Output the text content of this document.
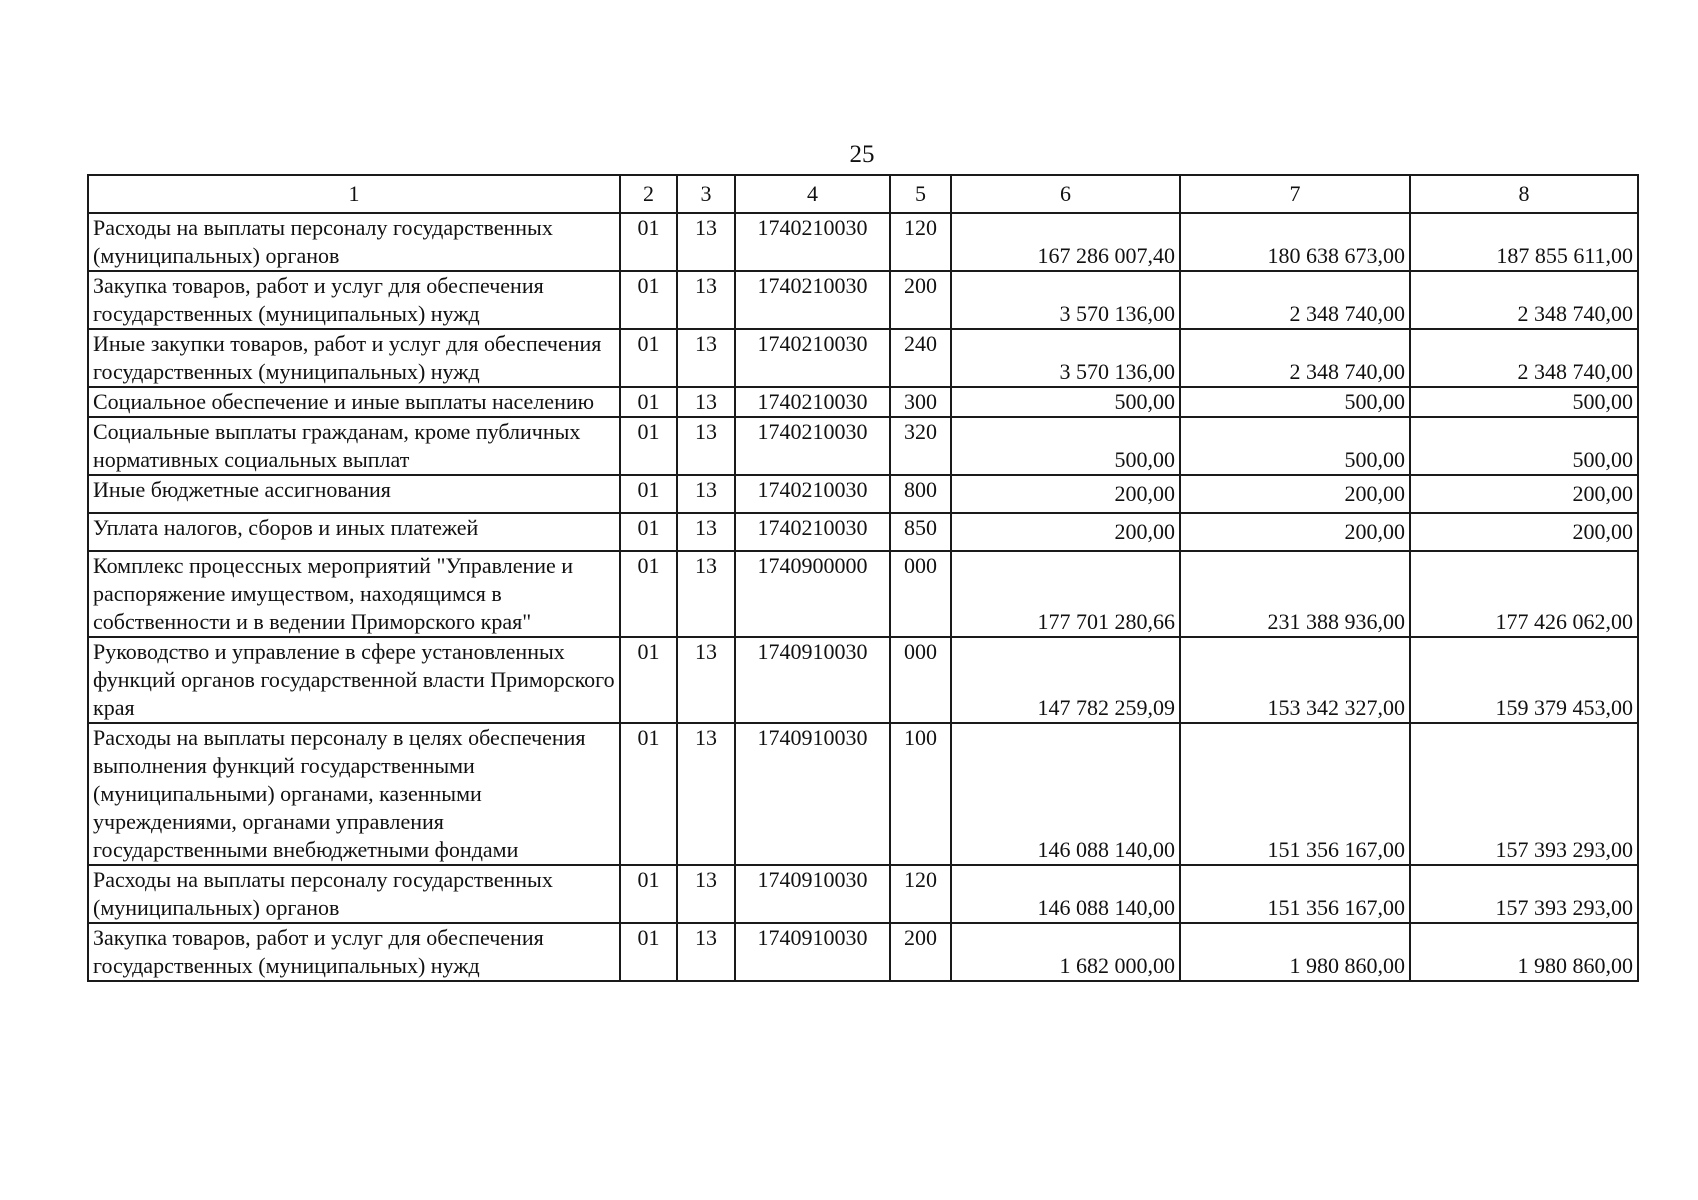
25
1	2	3	4	5	6	7	8
Расходы на выплаты персоналу государственных (муниципальных) органов	01	13	1740210030	120	167 286 007,40	180 638 673,00	187 855 611,00
Закупка товаров, работ и услуг для обеспечения государственных (муниципальных) нужд	01	13	1740210030	200	3 570 136,00	2 348 740,00	2 348 740,00
Иные закупки товаров, работ и услуг для обеспечения государственных (муниципальных) нужд	01	13	1740210030	240	3 570 136,00	2 348 740,00	2 348 740,00
Социальное обеспечение и иные выплаты населению	01	13	1740210030	300	500,00	500,00	500,00
Социальные выплаты гражданам, кроме публичных нормативных социальных выплат	01	13	1740210030	320	500,00	500,00	500,00
Иные бюджетные ассигнования	01	13	1740210030	800	200,00	200,00	200,00
Уплата налогов, сборов и иных платежей	01	13	1740210030	850	200,00	200,00	200,00
Комплекс процессных мероприятий "Управление и распоряжение имуществом, находящимся в собственности и в ведении Приморского края"	01	13	1740900000	000	177 701 280,66	231 388 936,00	177 426 062,00
Руководство и управление в сфере установленных функций органов государственной власти Приморского края	01	13	1740910030	000	147 782 259,09	153 342 327,00	159 379 453,00
Расходы на выплаты персоналу в целях обеспечения выполнения функций государственными (муниципальными) органами, казенными учреждениями, органами управления государственными внебюджетными фондами	01	13	1740910030	100	146 088 140,00	151 356 167,00	157 393 293,00
Расходы на выплаты персоналу государственных (муниципальных) органов	01	13	1740910030	120	146 088 140,00	151 356 167,00	157 393 293,00
Закупка товаров, работ и услуг для обеспечения государственных (муниципальных) нужд	01	13	1740910030	200	1 682 000,00	1 980 860,00	1 980 860,00
